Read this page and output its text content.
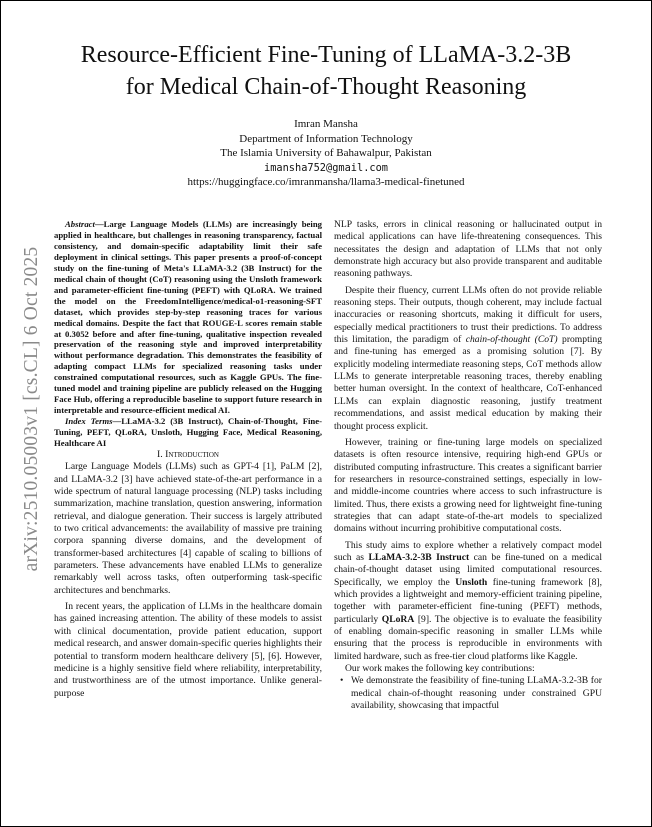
arXiv:2510.05003v1 [cs.CL] 6 Oct 2025
Resource-Efficient Fine-Tuning of LLaMA-3.2-3B
for Medical Chain-of-Thought Reasoning
Imran Mansha
Department of Information Technology
The Islamia University of Bahawalpur, Pakistan
imansha752@gmail.com
https://huggingface.co/imranmansha/llama3-medical-finetuned

Abstract—Large Language Models (LLMs) are increasingly being applied in healthcare, but challenges in reasoning transparency, factual consistency, and domain-specific adaptability limit their safe deployment in clinical settings. This paper presents a proof-of-concept study on the fine-tuning of Meta's LLaMA-3.2 (3B Instruct) for the medical chain of thought (CoT) reasoning using the Unsloth framework and parameter-efficient fine-tuning (PEFT) with QLoRA. We trained the model on the FreedomIntelligence/medical-o1-reasoning-SFT dataset, which provides step-by-step reasoning traces for various medical domains. Despite the fact that ROUGE-L scores remain stable at 0.3052 before and after fine-tuning, qualitative inspection revealed preservation of the reasoning style and improved interpretability without performance degradation. This demonstrates the feasibility of adapting compact LLMs for specialized reasoning tasks under constrained computational resources, such as Kaggle GPUs. The fine-tuned model and training pipeline are publicly released on the Hugging Face Hub, offering a reproducible baseline to support future research in interpretable and resource-efficient medical AI.

Index Terms—LLaMA-3.2 (3B Instruct), Chain-of-Thought, Fine-Tuning, PEFT, QLoRA, Unsloth, Hugging Face, Medical Reasoning, Healthcare AI

I. Introduction

Large Language Models (LLMs) such as GPT-4 [1], PaLM [2], and LLaMA-3.2 [3] have achieved state-of-the-art performance in a wide spectrum of natural language processing (NLP) tasks including summarization, machine translation, question answering, information retrieval, and dialogue generation. Their success is largely attributed to two critical advancements: the availability of massive pre training corpora spanning diverse domains, and the development of transformer-based architectures [4] capable of scaling to billions of parameters. These advancements have enabled LLMs to generalize remarkably well across tasks, often outperforming task-specific architectures and benchmarks.

In recent years, the application of LLMs in the healthcare domain has gained increasing attention. The ability of these models to assist with clinical documentation, provide patient education, support medical research, and answer domain-specific queries highlights their potential to transform modern healthcare delivery [5], [6]. However, medicine is a highly sensitive field where reliability, interpretability, and trustworthiness are of the utmost importance. Unlike general-purpose

NLP tasks, errors in clinical reasoning or hallucinated output in medical applications can have life-threatening consequences. This necessitates the design and adaptation of LLMs that not only demonstrate high accuracy but also provide transparent and auditable reasoning pathways.

Despite their fluency, current LLMs often do not provide reliable reasoning steps. Their outputs, though coherent, may include factual inaccuracies or reasoning shortcuts, making it difficult for users, especially medical practitioners to trust their predictions. To address this limitation, the paradigm of chain-of-thought (CoT) prompting and fine-tuning has emerged as a promising solution [7]. By explicitly modeling intermediate reasoning steps, CoT methods allow LLMs to generate interpretable reasoning traces, thereby enabling better human oversight. In the context of healthcare, CoT-enhanced LLMs can explain diagnostic reasoning, justify treatment recommendations, and assist medical education by making their thought process explicit.

However, training or fine-tuning large models on specialized datasets is often resource intensive, requiring high-end GPUs or distributed computing infrastructure. This creates a significant barrier for researchers in resource-constrained settings, especially in low- and middle-income countries where access to such infrastructure is limited. Thus, there exists a growing need for lightweight fine-tuning strategies that can adapt state-of-the-art models to specialized domains without incurring prohibitive computational costs.

This study aims to explore whether a relatively compact model such as LLaMA-3.2-3B Instruct can be fine-tuned on a medical chain-of-thought dataset using limited computational resources. Specifically, we employ the Unsloth fine-tuning framework [8], which provides a lightweight and memory-efficient training pipeline, together with parameter-efficient fine-tuning (PEFT) methods, particularly QLoRA [9]. The objective is to evaluate the feasibility of enabling domain-specific reasoning in smaller LLMs while ensuring that the process is reproducible in environments with limited hardware, such as free-tier cloud platforms like Kaggle.

Our work makes the following key contributions:

• We demonstrate the feasibility of fine-tuning LLaMA-3.2-3B for medical chain-of-thought reasoning under constrained GPU availability, showcasing that impactful
